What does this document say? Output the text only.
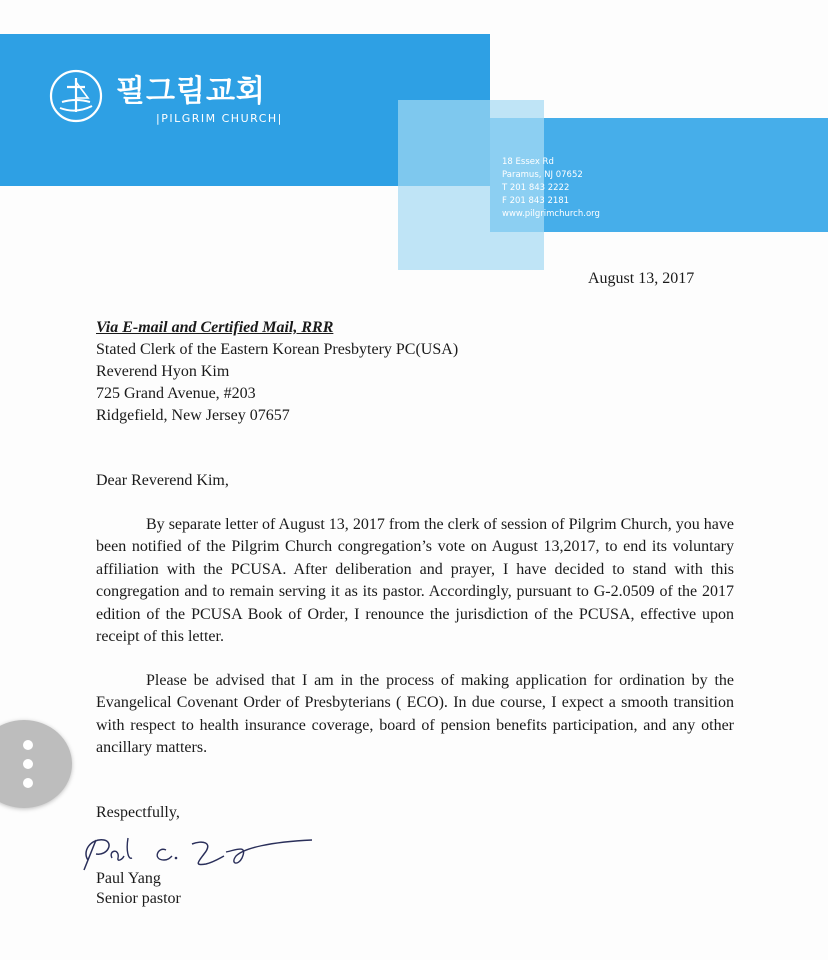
필그림교회
|PILGRIM CHURCH|
18 Essex Rd
Paramus, NJ 07652
T 201 843 2222
F 201 843 2181
www.pilgrimchurch.org
August 13, 2017
Via E-mail and Certified Mail, RRR
Stated Clerk of the Eastern Korean Presbytery PC(USA)
Reverend Hyon Kim
725 Grand Avenue, #203
Ridgefield, New Jersey 07657
Dear Reverend Kim,

By separate letter of August 13, 2017 from the clerk of session of Pilgrim Church, you have been notified of the Pilgrim Church congregation’s vote on August 13,2017, to end its voluntary affiliation with the PCUSA. After deliberation and prayer, I have decided to stand with this congregation and to remain serving it as its pastor. Accordingly, pursuant to G-2.0509 of the 2017 edition of the PCUSA Book of Order, I renounce the jurisdiction of the PCUSA, effective upon receipt of this letter.

Please be advised that I am in the process of making application for ordination by the Evangelical Covenant Order of Presbyterians ( ECO). In due course, I expect a smooth transition with respect to health insurance coverage, board of pension benefits participation, and any other ancillary matters.

Respectfully,
Paul Yang
Senior pastor
